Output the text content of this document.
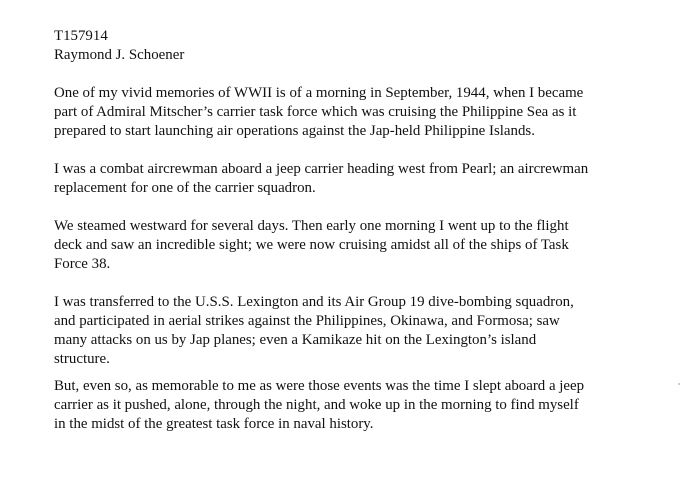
T157914
Raymond J. Schoener
One of my vivid memories of WWII is of a morning in September, 1944, when I became
part of Admiral Mitscher’s carrier task force which was cruising the Philippine Sea as it
prepared to start launching air operations against the Jap-held Philippine Islands.
I was a combat aircrewman aboard a jeep carrier heading west from Pearl; an aircrewman
replacement for one of the carrier squadron.
We steamed westward for several days. Then early one morning I went up to the flight
deck and saw an incredible sight; we were now cruising amidst all of the ships of Task
Force 38.
I was transferred to the U.S.S. Lexington and its Air Group 19 dive-bombing squadron,
and participated in aerial strikes against the Philippines, Okinawa, and Formosa; saw
many attacks on us by Jap planes; even a Kamikaze hit on the Lexington’s island
structure.
But, even so, as memorable to me as were those events was the time I slept aboard a jeep
carrier as it pushed, alone, through the night, and woke up in the morning to find myself
in the midst of the greatest task force in naval history.
